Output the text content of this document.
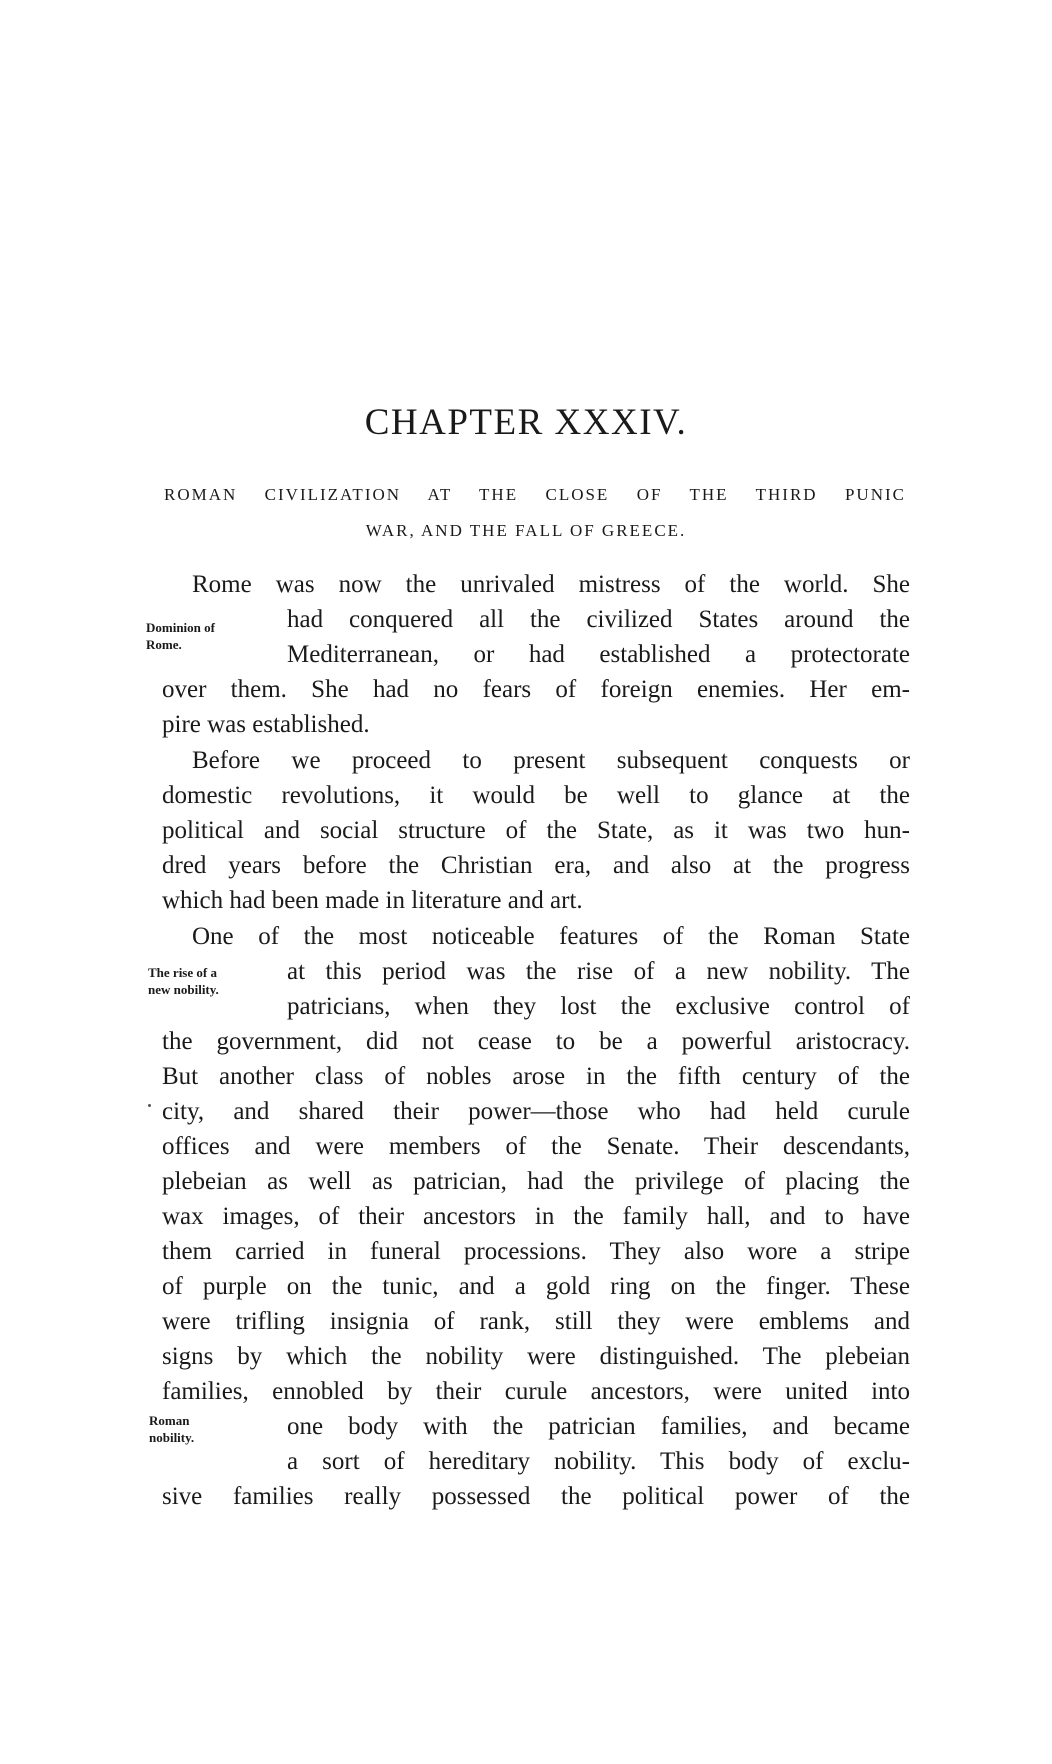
CHAPTER XXXIV.
ROMAN CIVILIZATION AT THE CLOSE OF THE THIRD PUNIC
WAR, AND THE FALL OF GREECE.
Dominion of
Rome.
The rise of a
new nobility.
Roman
nobility.
Rome was now the unrivaled mistress of the world. She
had conquered all the civilized States around the
Mediterranean, or had established a protectorate
over them. She had no fears of foreign enemies. Her em-
pire was established.
Before we proceed to present subsequent conquests or
domestic revolutions, it would be well to glance at the
political and social structure of the State, as it was two hun-
dred years before the Christian era, and also at the progress
which had been made in literature and art.
One of the most noticeable features of the Roman State
at this period was the rise of a new nobility. The
patricians, when they lost the exclusive control of
the government, did not cease to be a powerful aristocracy.
But another class of nobles arose in the fifth century of the
city, and shared their power—those who had held curule
offices and were members of the Senate. Their descendants,
plebeian as well as patrician, had the privilege of placing the
wax images, of their ancestors in the family hall, and to have
them carried in funeral processions. They also wore a stripe
of purple on the tunic, and a gold ring on the finger. These
were trifling insignia of rank, still they were emblems and
signs by which the nobility were distinguished. The plebeian
families, ennobled by their curule ancestors, were united into
one body with the patrician families, and became
a sort of hereditary nobility. This body of exclu-
sive families really possessed the political power of the
